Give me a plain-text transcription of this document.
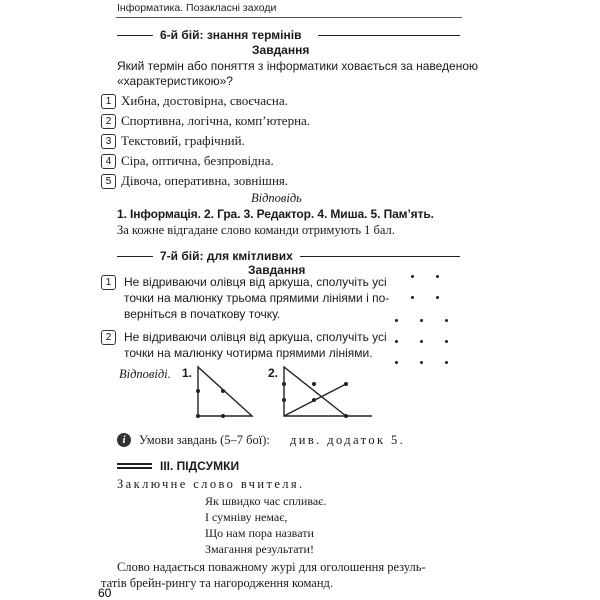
Інформатика. Позакласні заходи
6-й бій: знання термінів
Завдання
Який термін або поняття з інформатики ховається за наведеною
«характеристикою»?
1 Хибна, достовірна, своєчасна.
2 Спортивна, логічна, комп’ютерна.
3 Текстовий, графічний.
4 Сіра, оптична, безпровідна.
5 Дівоча, оперативна, зовнішня.
Відповідь
1. Інформація. 2. Гра. 3. Редактор. 4. Миша. 5. Пам’ять.
За кожне відгадане слово команди отримують 1 бал.
7-й бій: для кмітливих
Завдання
1	Не відриваючи олівця від аркуша, сполучіть усі
точки на малюнку трьома прямими лініями і по-
верніться в початкову точку.
2	Не відриваючи олівця від аркуша, сполучіть усі
точки на малюнку чотирма прямими лініями.
Відповіді. 1.	2.
i	Умови завдань (5–7 бої): див. додаток 5.
III. ПІДСУМКИ
Заключне слово вчителя.
Як швидко час спливає.
І сумніву немає,
Що нам пора назвати
Змагання результати!
Слово надається поважному журі для оголошення резуль-
татів брейн-рингу та нагородження команд.
60
